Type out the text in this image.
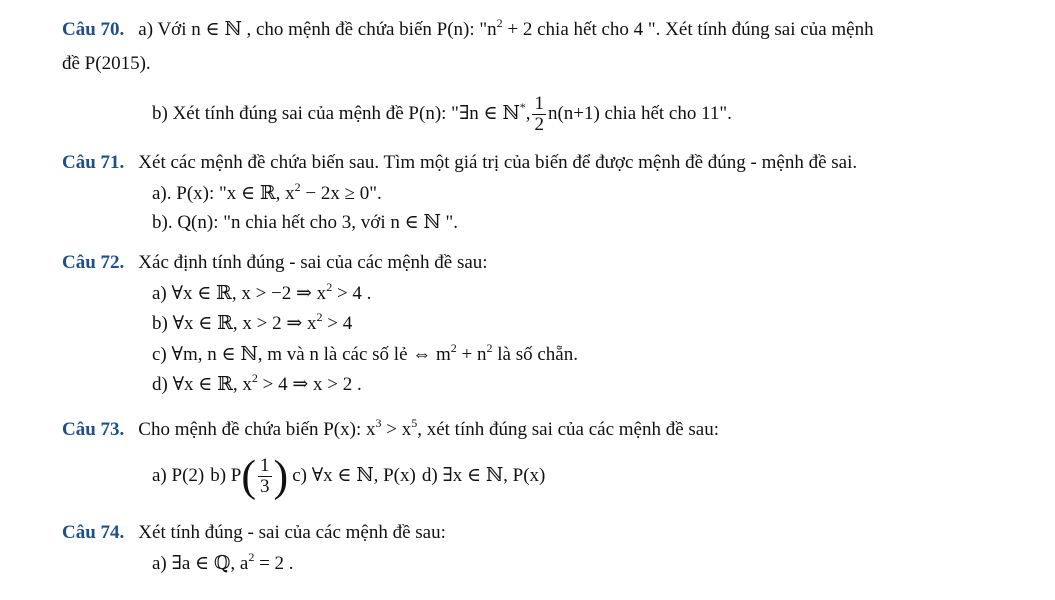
Câu 70. a) Với n ∈ ℕ , cho mệnh đề chứa biến P(n): "$n^2 + 2$ chia hết cho 4 ". Xét tính đúng sai của mệnh
đề P(2015).
b) Xét tính đúng sai của mệnh đề P(n): "∃n ∈ ℕ*, $\frac{1}{2} n(n+1)$ chia hết cho 11".
Câu 71. Xét các mệnh đề chứa biến sau. Tìm một giá trị của biến để được mệnh đề đúng - mệnh đề sai.
a). P(x): "x ∈ ℝ, $x^2 - 2x \ge 0$".
b). Q(n): "n chia hết cho 3, với n ∈ ℕ ".
Câu 72. Xác định tính đúng - sai của các mệnh đề sau:
a) ∀x ∈ ℝ, x > −2 ⇒ $x^2 > 4$ .
b) ∀x ∈ ℝ, x > 2 ⇒ $x^2 > 4$
c) ∀m, n ∈ ℕ, m và n là các số lẻ ⇔ $m^2 + n^2$ là số chẵn.
d) ∀x ∈ ℝ, $x^2 > 4$ ⇒ x > 2 .
Câu 73. Cho mệnh đề chứa biến P(x): $x^3 > x^5$, xét tính đúng sai của các mệnh đề sau:
a) P(2) b) $P( \frac{1}{3}$ ) c) ∀x ∈ ℕ, P(x) d) ∃x ∈ ℕ, P(x)
Câu 74. Xét tính đúng - sai của các mệnh đề sau:
a) ∃a ∈ ℚ, $a^2 = 2$ .
